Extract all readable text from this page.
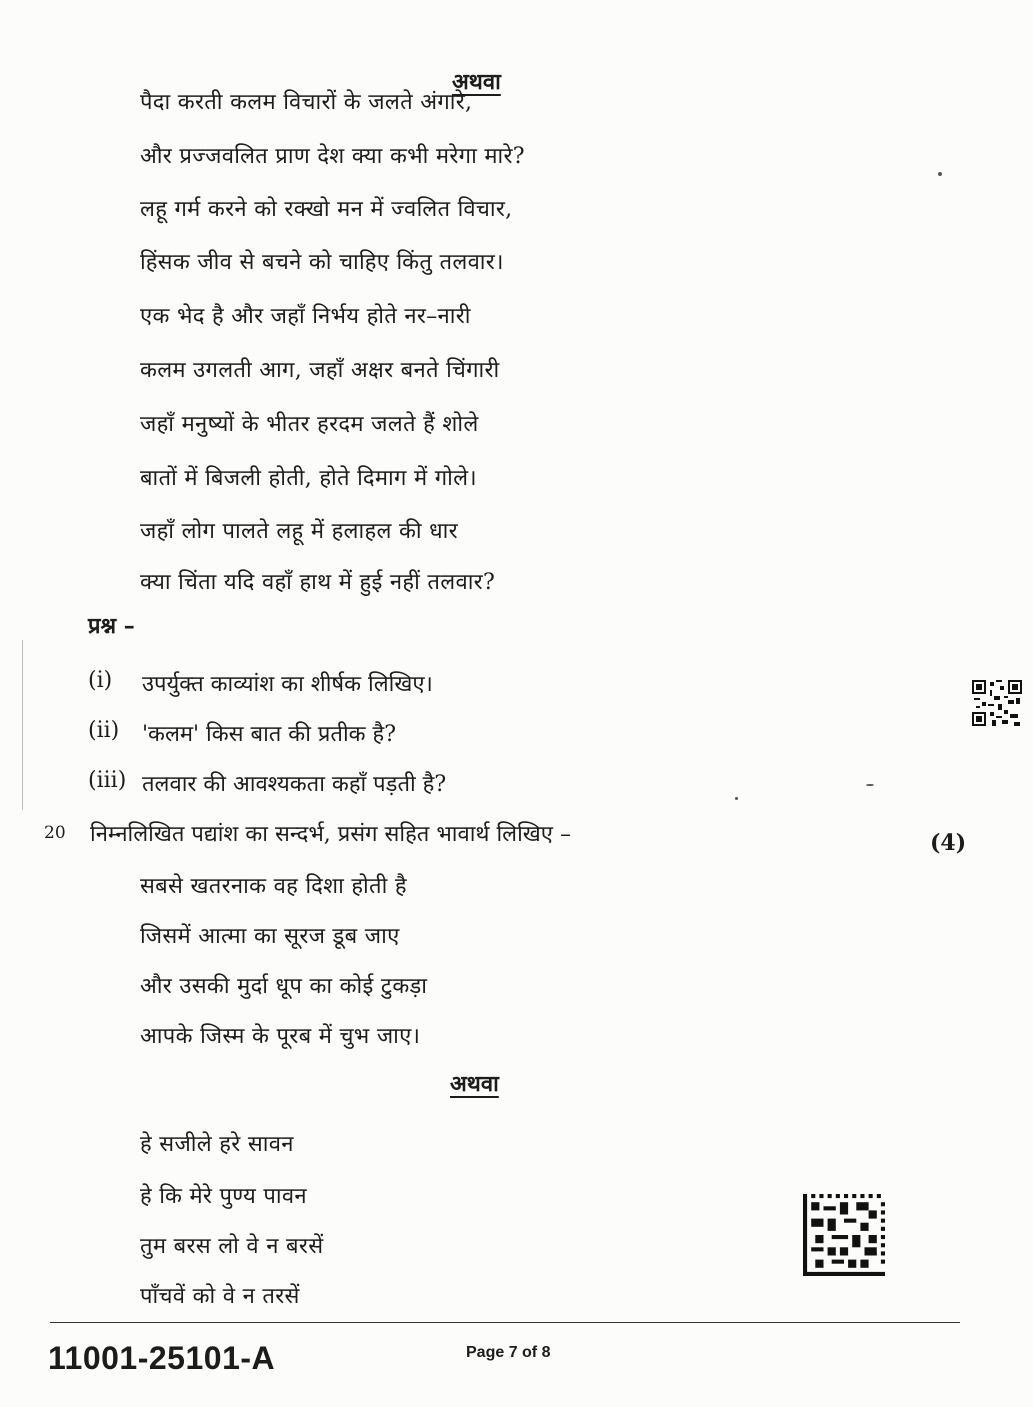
अथवा
पैदा करती कलम विचारों के जलते अंगारे,
और प्रज्जवलित प्राण देश क्या कभी मरेगा मारे?
लहू गर्म करने को रक्खो मन में ज्वलित विचार,
हिंसक जीव से बचने को चाहिए किंतु तलवार।
एक भेद है और जहाँ निर्भय होते नर–नारी
कलम उगलती आग, जहाँ अक्षर बनते चिंगारी
जहाँ मनुष्यों के भीतर हरदम जलते हैं शोले
बातों में बिजली होती, होते दिमाग में गोले।
जहाँ लोग पालते लहू में हलाहल की धार
क्या चिंता यदि वहाँ हाथ में हुई नहीं तलवार?
प्रश्न –
(i) उपर्युक्त काव्यांश का शीर्षक लिखिए।
(ii) 'कलम' किस बात की प्रतीक है?
(iii) तलवार की आवश्यकता कहाँ पड़ती है?
20 निम्नलिखित पद्यांश का सन्दर्भ, प्रसंग सहित भावार्थ लिखिए –	(4)
सबसे खतरनाक वह दिशा होती है
जिसमें आत्मा का सूरज डूब जाए
और उसकी मुर्दा धूप का कोई टुकड़ा
आपके जिस्म के पूरब में चुभ जाए।
अथवा
हे सजीले हरे सावन
हे कि मेरे पुण्य पावन
तुम बरस लो वे न बरसें
पाँचवें को वे न तरसें
11001-25101-A	Page 7 of 8
